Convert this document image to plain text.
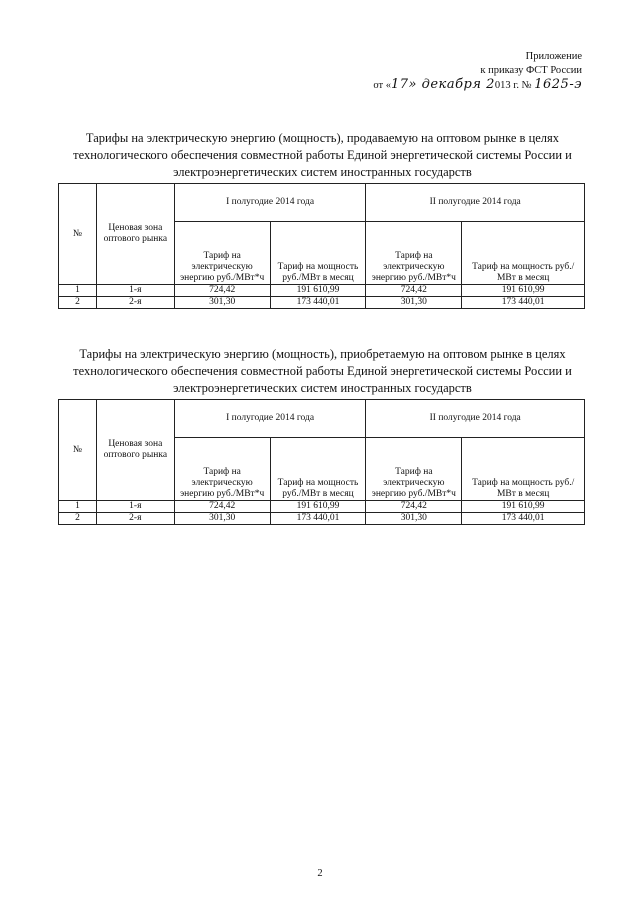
Приложение
к приказу ФСТ России
от «17» декабря 2013 г. № 1625-э
Тарифы на электрическую энергию (мощность), продаваемую на оптовом рынке в целях технологического обеспечения совместной работы Единой энергетической системы России и электроэнергетических систем иностранных государств
№	Ценовая зона оптового рынка	I полугодие 2014 года		II полугодие 2014 года	
		Тариф на электрическую энергию руб./МВт*ч	Тариф на мощность руб./МВт в месяц	Тариф на электрическую энергию руб./МВт*ч	Тариф на мощность руб./МВт в месяц
1	1-я	724,42	191 610,99	724,42	191 610,99
2	2-я	301,30	173 440,01	301,30	173 440,01
Тарифы на электрическую энергию (мощность), приобретаемую на оптовом рынке в целях технологического обеспечения совместной работы Единой энергетической системы России и электроэнергетических систем иностранных государств
№	Ценовая зона оптового рынка	I полугодие 2014 года		II полугодие 2014 года	
		Тариф на электрическую энергию руб./МВт*ч	Тариф на мощность руб./МВт в месяц	Тариф на электрическую энергию руб./МВт*ч	Тариф на мощность руб./МВт в месяц
1	1-я	724,42	191 610,99	724,42	191 610,99
2	2-я	301,30	173 440,01	301,30	173 440,01
2
